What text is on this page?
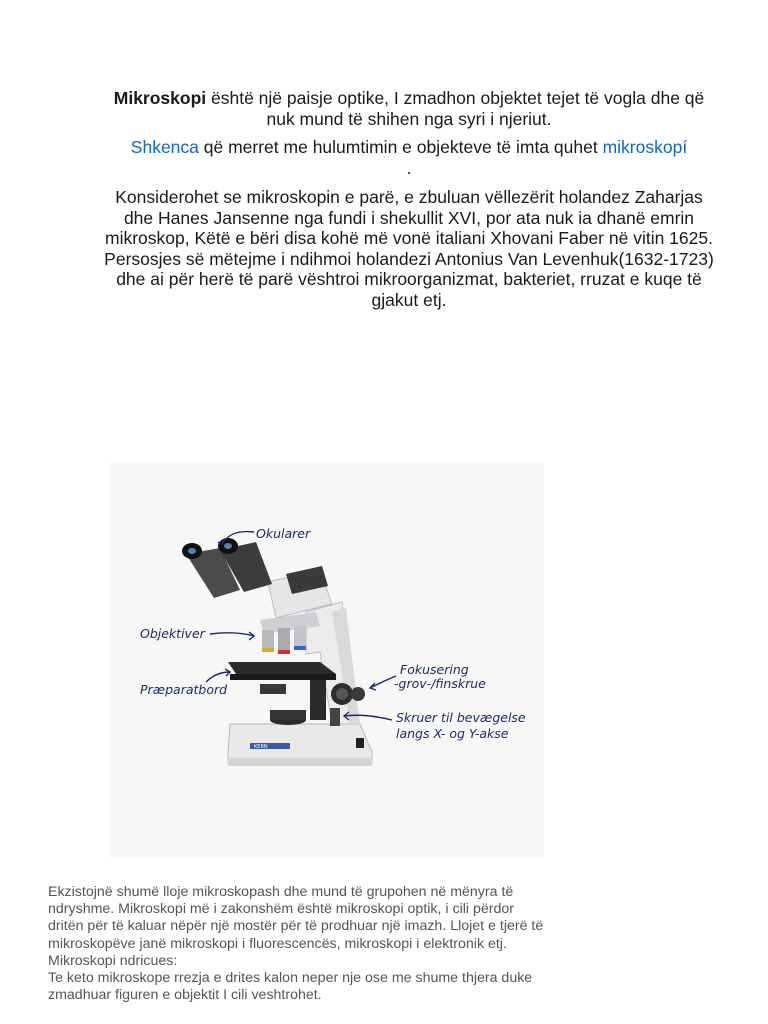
Mikroskopi është një paisje optike, I zmadhon objektet tejet të vogla dhe që nuk mund të shihen nga syri i njeriut.
Shkenca që merret me hulumtimin e objekteve të imta quhet mikroskopí
.
Konsiderohet se mikroskopin e parë, e zbuluan vëllezërit holandez Zaharjas dhe Hanes Jansenne nga fundi i shekullit XVI, por ata nuk ia dhanë emrin mikroskop, Këtë e bëri disa kohë më vonë italiani Xhovani Faber në vitin 1625. Persosjes së mëtejme i ndihmoi holandezi Antonius Van Levenhuk(1632-1723) dhe ai për herë të parë vështroi mikroorganizmat, bakteriet, rruzat e kuqe të gjakut etj.
KERN
Okularer
Objektiver
Præparatbord
Fokusering
-grov-/finskrue
Skruer til bevægelse
langs X- og Y-akse
Ekzistojnë shumë lloje mikroskopash dhe mund të grupohen në mënyra të ndryshme. Mikroskopi më i zakonshëm është mikroskopi optik, i cili përdor dritën për të kaluar nëpër një mostër për të prodhuar një imazh. Llojet e tjerë të mikroskopëve janë mikroskopi i fluorescencës, mikroskopi i elektronik etj.
Mikroskopi ndricues:
Te keto mikroskope rrezja e drites kalon neper nje ose me shume thjera duke zmadhuar figuren e objektit I cili veshtrohet.
